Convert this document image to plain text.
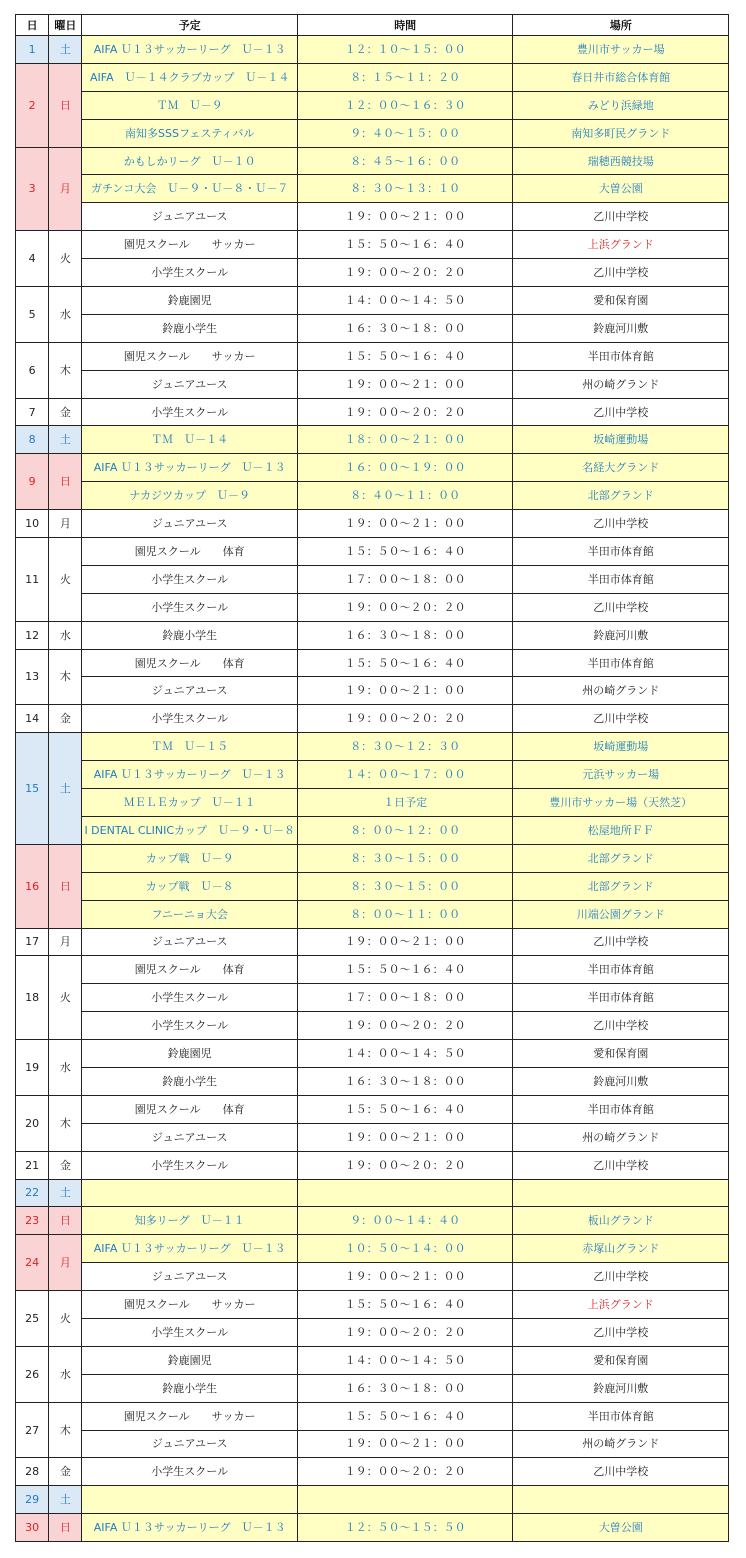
日	曜日	予定	時間	場所
1	土	AIFA Ｕ１３サッカーリーグ　Ｕ－１３	１２：１０～１５：００	豊川市サッカー場
2	日	AIFA　Ｕ－１４クラブカップ　Ｕ－１４	８：１５～１１：２０	春日井市総合体育館
		ＴＭ　Ｕ－９	１２：００～１６：３０	みどり浜緑地
		南知多SSSフェスティバル	９：４０～１５：００	南知多町民グランド
3	月	かもしかリーグ　Ｕ－１０	８：４５～１６：００	瑞穂西競技場
		ガチンコ大会　Ｕ－９・Ｕ－８・Ｕ－７	８：３０～１３：１０	大曽公園
		ジュニアユース	１９：００～２１：００	乙川中学校
4	火	園児スクール　　サッカー	１５：５０～１６：４０	上浜グランド
		小学生スクール	１９：００～２０：２０	乙川中学校
5	水	鈴鹿園児	１４：００～１４：５０	愛和保育園
		鈴鹿小学生	１６：３０～１８：００	鈴鹿河川敷
6	木	園児スクール　　サッカー	１５：５０～１６：４０	半田市体育館
		ジュニアユース	１９：００～２１：００	州の崎グランド
7	金	小学生スクール	１９：００～２０：２０	乙川中学校
8	土	ＴＭ　Ｕ－１４	１８：００～２１：００	坂崎運動場
9	日	AIFA Ｕ１３サッカーリーグ　Ｕ－１３	１６：００～１９：００	名経大グランド
		ナカジツカップ　Ｕ－９	８：４０～１１：００	北部グランド
10	月	ジュニアユース	１９：００～２１：００	乙川中学校
11	火	園児スクール　　体育	１５：５０～１６：４０	半田市体育館
		小学生スクール	１７：００～１８：００	半田市体育館
		小学生スクール	１９：００～２０：２０	乙川中学校
12	水	鈴鹿小学生	１６：３０～１８：００	鈴鹿河川敷
13	木	園児スクール　　体育	１５：５０～１６：４０	半田市体育館
		ジュニアユース	１９：００～２１：００	州の崎グランド
14	金	小学生スクール	１９：００～２０：２０	乙川中学校
15	土	ＴＭ　Ｕ－１５	８：３０～１２：３０	坂崎運動場
		AIFA Ｕ１３サッカーリーグ　Ｕ－１３	１４：００～１７：００	元浜サッカー場
		ＭＥＬＥカップ　Ｕ－１１	１日予定	豊川市サッカー場（天然芝）
		I DENTAL CLINICカップ　Ｕ－９・Ｕ－８	８：００～１２：００	松屋地所ＦＦ
16	日	カップ戦　Ｕ－９	８：３０～１５：００	北部グランド
		カップ戦　Ｕ－８	８：３０～１５：００	北部グランド
		フニーニョ大会	８：００～１１：００	川端公園グランド
17	月	ジュニアユース	１９：００～２１：００	乙川中学校
18	火	園児スクール　　体育	１５：５０～１６：４０	半田市体育館
		小学生スクール	１７：００～１８：００	半田市体育館
		小学生スクール	１９：００～２０：２０	乙川中学校
19	水	鈴鹿園児	１４：００～１４：５０	愛和保育園
		鈴鹿小学生	１６：３０～１８：００	鈴鹿河川敷
20	木	園児スクール　　体育	１５：５０～１６：４０	半田市体育館
		ジュニアユース	１９：００～２１：００	州の崎グランド
21	金	小学生スクール	１９：００～２０：２０	乙川中学校
22	土			
23	日	知多リーグ　Ｕ－１１	９：００～１４：４０	板山グランド
24	月	AIFA Ｕ１３サッカーリーグ　Ｕ－１３	１０：５０～１４：００	赤塚山グランド
		ジュニアユース	１９：００～２１：００	乙川中学校
25	火	園児スクール　　サッカー	１５：５０～１６：４０	上浜グランド
		小学生スクール	１９：００～２０：２０	乙川中学校
26	水	鈴鹿園児	１４：００～１４：５０	愛和保育園
		鈴鹿小学生	１６：３０～１８：００	鈴鹿河川敷
27	木	園児スクール　　サッカー	１５：５０～１６：４０	半田市体育館
		ジュニアユース	１９：００～２１：００	州の崎グランド
28	金	小学生スクール	１９：００～２０：２０	乙川中学校
29	土			
30	日	AIFA Ｕ１３サッカーリーグ　Ｕ－１３	１２：５０～１５：５０	大曽公園
